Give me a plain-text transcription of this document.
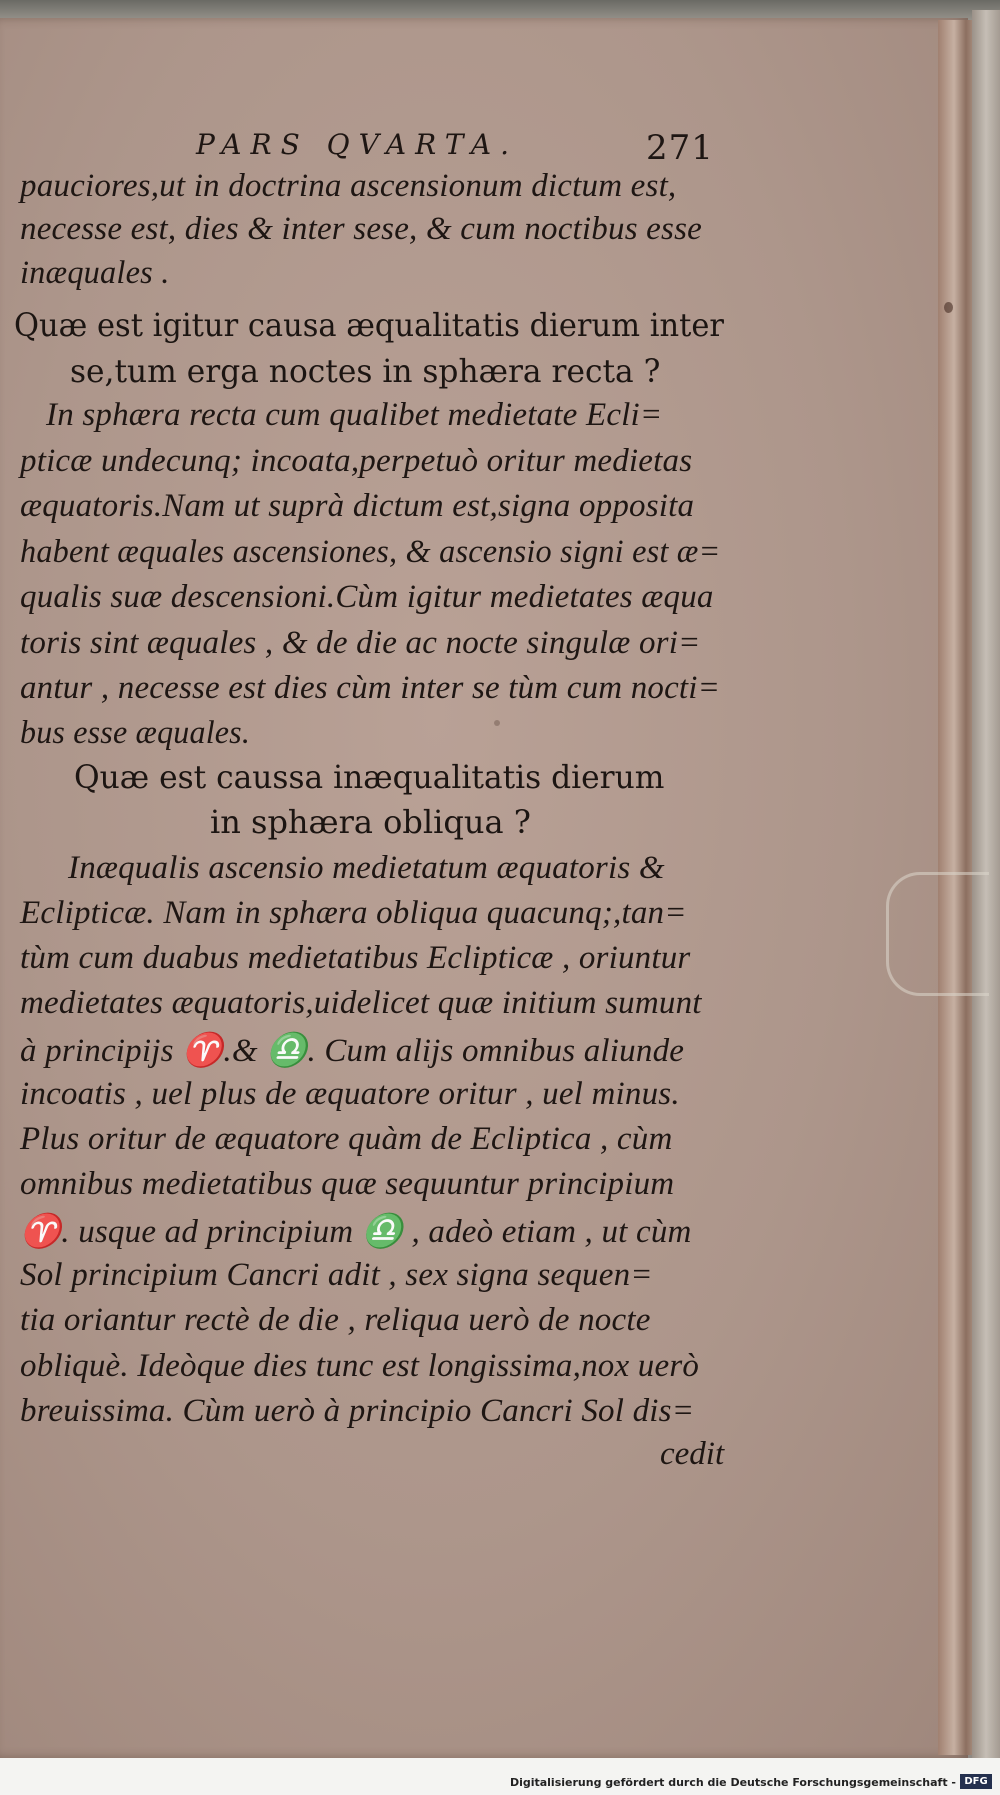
PARS QVARTA.	271
pauciores,ut in doctrina ascensionum dictum est,
necesse est, dies & inter sese, & cum noctibus esse
inæquales .
Quæ est igitur causa æqualitatis dierum inter
se,tum erga noctes in sphæra recta ?
In sphæra recta cum qualibet medietate Ecli=
pticæ undecunq; incoata,perpetuò oritur medietas
æquatoris.Nam ut suprà dictum est,signa opposita
habent æquales ascensiones, & ascensio signi est æ=
qualis suæ descensioni.Cùm igitur medietates æqua
toris sint æquales , & de die ac nocte singulæ ori=
antur , necesse est dies cùm inter se tùm cum nocti=
bus esse æquales.
Quæ est caussa inæqualitatis dierum
in sphæra obliqua ?
Inæqualis ascensio medietatum æquatoris &
Eclipticæ. Nam in sphæra obliqua quacunq;,tan=
tùm cum duabus medietatibus Eclipticæ , oriuntur
medietates æquatoris,uidelicet quæ initium sumunt
à principijs ♈.& ♎. Cum alijs omnibus aliunde
incoatis , uel plus de æquatore oritur , uel minus.
Plus oritur de æquatore quàm de Ecliptica , cùm
omnibus medietatibus quæ sequuntur principium
♈. usque ad principium ♎ , adeò etiam , ut cùm
Sol principium Cancri adit , sex signa sequen=
tia oriantur rectè de die , reliqua uerò de nocte
obliquè. Ideòque dies tunc est longissima,nox uerò
breuissima. Cùm uerò à principio Cancri Sol dis=
cedit
Digitalisierung gefördert durch die Deutsche Forschungsgemeinschaft - DFG
